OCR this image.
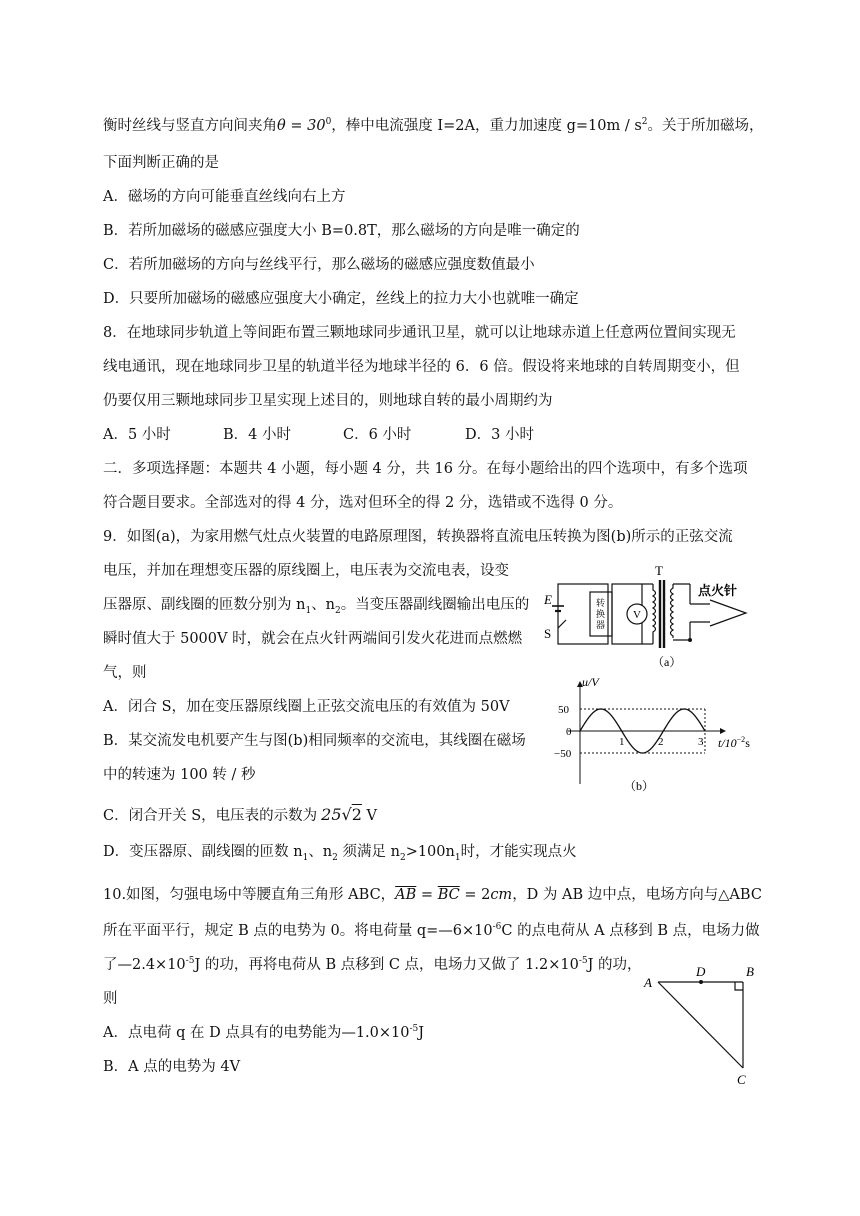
衡时丝线与竖直方向间夹角$\theta = 30^0$，棒中电流强度 I=2A，重力加速度 $g=10m / s^2$。关于所加磁场，
下面判断正确的是
A．磁场的方向可能垂直丝线向右上方
B．若所加磁场的磁感应强度大小 B=0.8T，那么磁场的方向是唯一确定的
C．若所加磁场的方向与丝线平行，那么磁场的磁感应强度数值最小
D．只要所加磁场的磁感应强度大小确定，丝线上的拉力大小也就唯一确定
8．在地球同步轨道上等间距布置三颗地球同步通讯卫星，就可以让地球赤道上任意两位置间实现无
线电通讯，现在地球同步卫星的轨道半径为地球半径的 6．6 倍。假设将来地球的自转周期变小，但
仍要仅用三颗地球同步卫星实现上述目的，则地球自转的最小周期约为
A．5 小时	B．4 小时	C．6 小时	D．3 小时
二．多项选择题：本题共 4 小题，每小题 4 分，共 16 分。在每小题给出的四个选项中，有多个选项
符合题目要求。全部选对的得 4 分，选对但环全的得 2 分，选错或不选得 0 分。
9．如图(a)，为家用燃气灶点火装置的电路原理图，转换器将直流电压转换为图(b)所示的正弦交流
电压，并加在理想变压器的原线圈上，电压表为交流电表，设变
压器原、副线圈的匝数分别为 $n_1$、$n_2$。当变压器副线圈输出电压的
瞬时值大于 5000V 时，就会在点火针两端间引发火花进而点燃燃
气，则
A．闭合 S，加在变压器原线圈上正弦交流电压的有效值为 50V
B．某交流发电机要产生与图(b)相同频率的交流电，其线圈在磁场
中的转速为 100 转 / 秒
C．闭合开关 S，电压表的示数为 25√2 V
D．变压器原、副线圈的匝数 $n_1$、$n_2$ 须满足 $n_2>100n_1$时，才能实现点火
E
S
T
转换器
V
点火针
（a）
u/V
50
0
−50
1	2	3 $t/10^{-2}s$
（b）
10.如图，匀强电场中等腰直角三角形 ABC，$\overline{AB} = \overline{BC} = 2cm$，D 为 AB 边中点，电场方向与△ABC
所在平面平行，规定 B 点的电势为 0。将电荷量 $q=—6\times 10^{-6}C$ 的点电荷从 A 点移到 B 点，电场力做
了$—2.4\times 10^{-5}J$ 的功，再将电荷从 B 点移到 C 点，电场力又做了 $1.2\times 10^{-5}J$ 的功，
则
A．点电荷 q 在 D 点具有的电势能为$—1.0\times 10^{-5}J$
B．A 点的电势为 4V
A
D	B
C
